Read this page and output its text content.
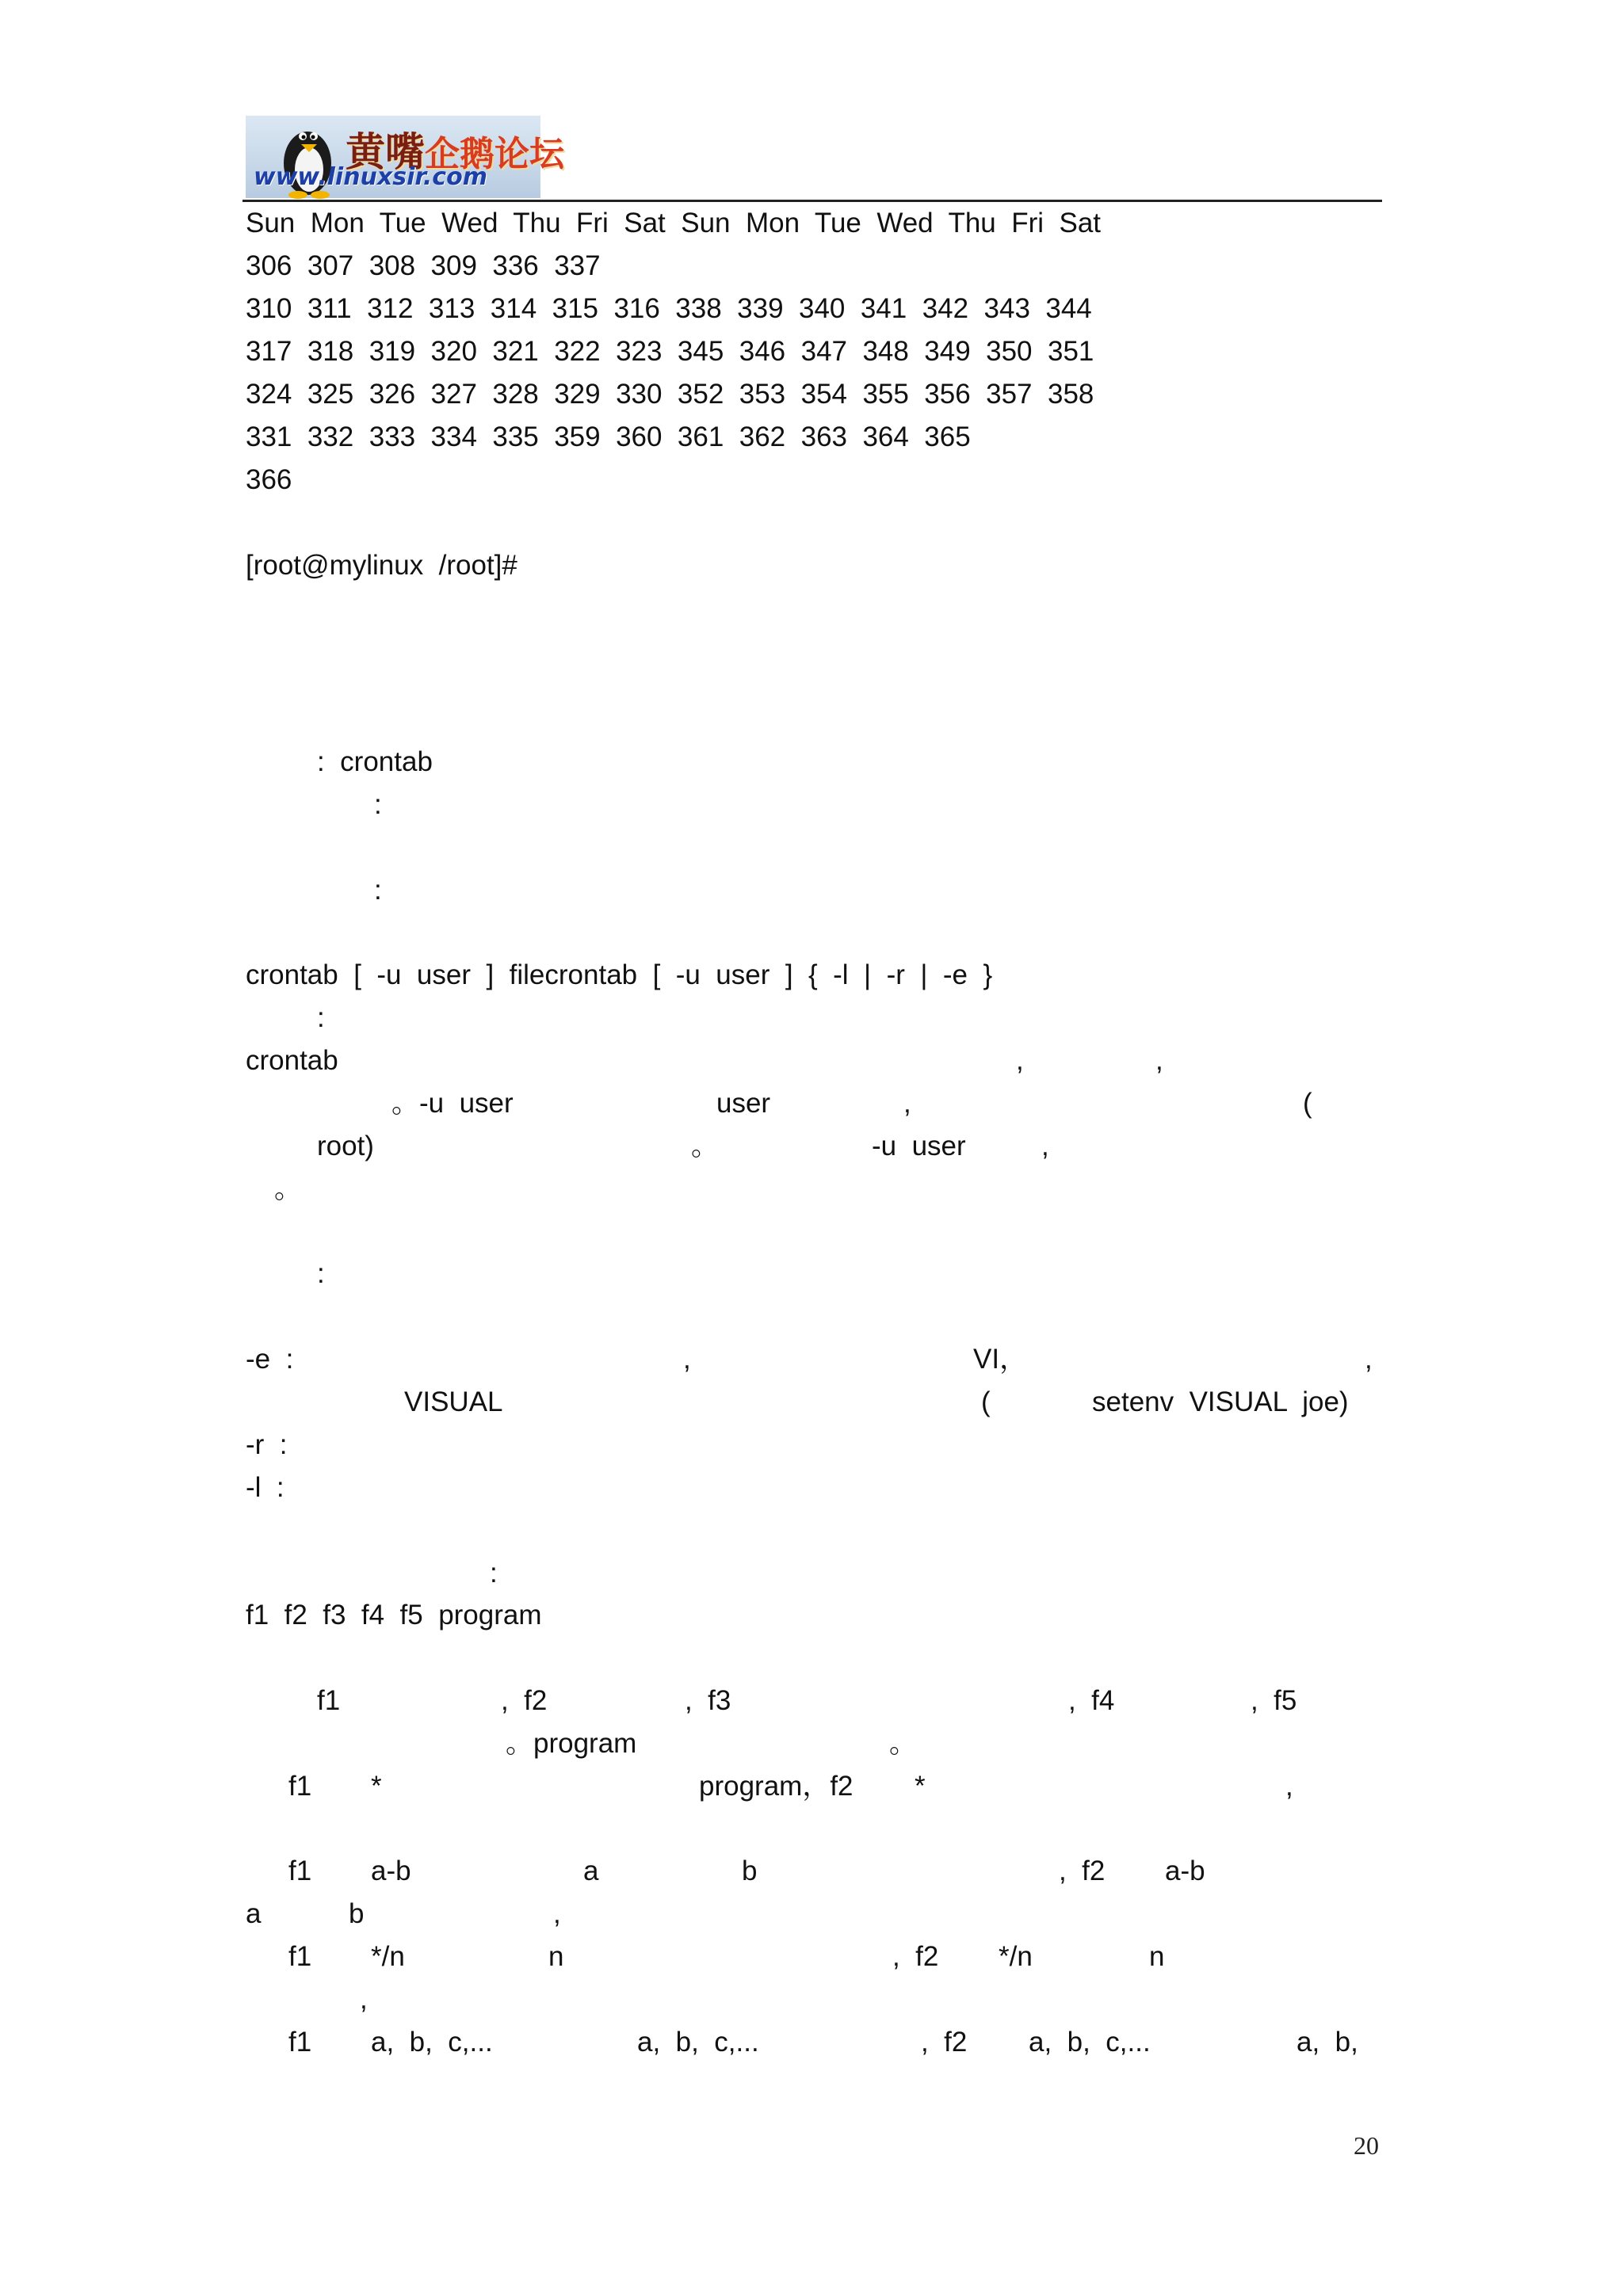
黄嘴企鹅论坛
www.linuxsir.com
Sun  Mon  Tue  Wed  Thu  Fri  Sat  Sun  Mon  Tue  Wed  Thu  Fri  Sat
306  307  308  309  336  337
310  311  312  313  314  315  316  338  339  340  341  342  343  344
317  318  319  320  321  322  323  345  346  347  348  349  350  351
324  325  326  327  328  329  330  352  353  354  355  356  357  358
331  332  333  334  335  359  360  361  362  363  364  365
366
[root@mylinux  /root]#
:  crontab
:
:
crontab  [  -u  user  ]  filecrontab  [  -u  user  ]  {  -l  |  -r  |  -e  }
:
crontab	,	,
。-u  user	user	,	(
root)	。	-u  user	,
。
:
-e  :	,	VI，	,
VISUAL	(	setenv  VISUAL  joe)
-r  :
-l  :
:
f1  f2  f3  f4  f5  program
f1	,  f2	,  f3	,  f4	,  f5
。program	。
f1 *	program，f2 *	,
f1 a-b	a	b	,  f2 a-b
a	b	,
f1 */n	n	,  f2 */n	n
,
f1 a,  b,  c,...	a,  b,  c,...	,  f2 a,  b,  c,...	a,  b,
20
